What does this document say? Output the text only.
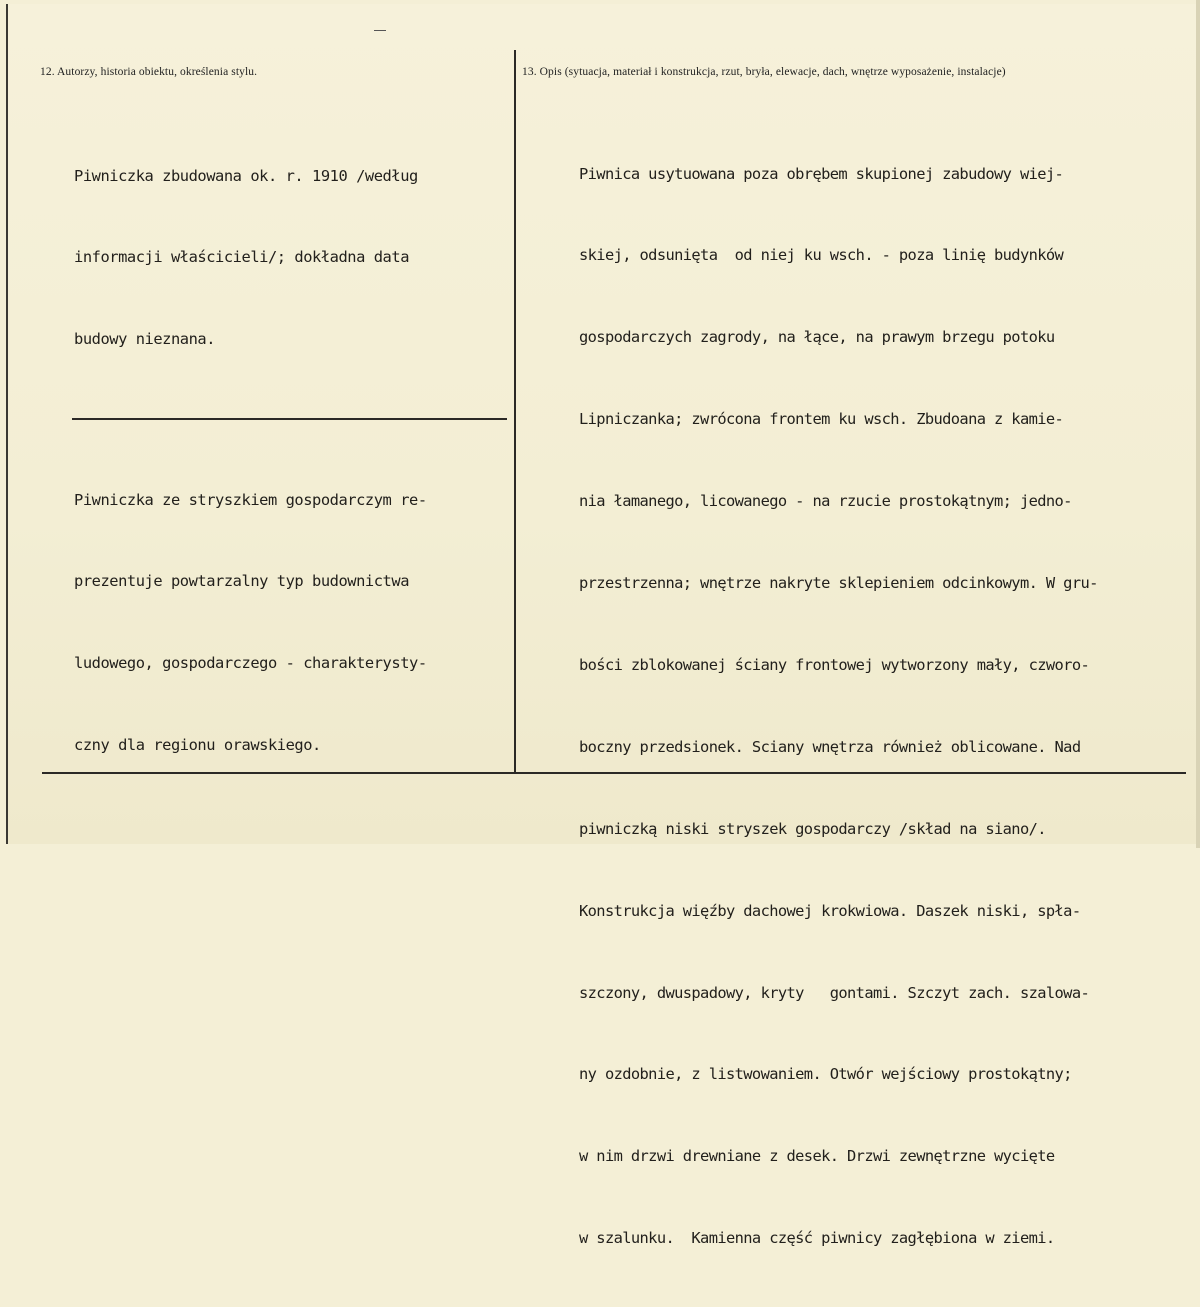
12. Autorzy, historia obiektu, określenia stylu.	13. Opis (sytuacja, materiał i konstrukcja, rzut, bryła, elewacje, dach, wnętrze wyposażenie, instalacje)

Piwniczka zbudowana ok. r. 1910 /według

informacji właścicieli/; dokładna data

budowy nieznana.

Piwniczka ze stryszkiem gospodarczym re-

prezentuje powtarzalny typ budownictwa

ludowego, gospodarczego - charakterysty-

czny dla regionu orawskiego.

Piwnica usytuowana poza obrębem skupionej zabudowy wiej-

skiej, odsunięta  od niej ku wsch. - poza linię budynków

gospodarczych zagrody, na łące, na prawym brzegu potoku

Lipniczanka; zwrócona frontem ku wsch. Zbudoana z kamie-

nia łamanego, licowanego - na rzucie prostokątnym; jedno-

przestrzenna; wnętrze nakryte sklepieniem odcinkowym. W gru-

bości zblokowanej ściany frontowej wytworzony mały, czworo-

boczny przedsionek. Sciany wnętrza również oblicowane. Nad

piwniczką niski stryszek gospodarczy /skład na siano/.

Konstrukcja więźby dachowej krokwiowa. Daszek niski, spła-

szczony, dwuspadowy, kryty   gontami. Szczyt zach. szalowa-

ny ozdobnie, z listwowaniem. Otwór wejściowy prostokątny;

w nim drzwi drewniane z desek. Drzwi zewnętrzne wycięte

w szalunku.  Kamienna część piwnicy zagłębiona w ziemi.
